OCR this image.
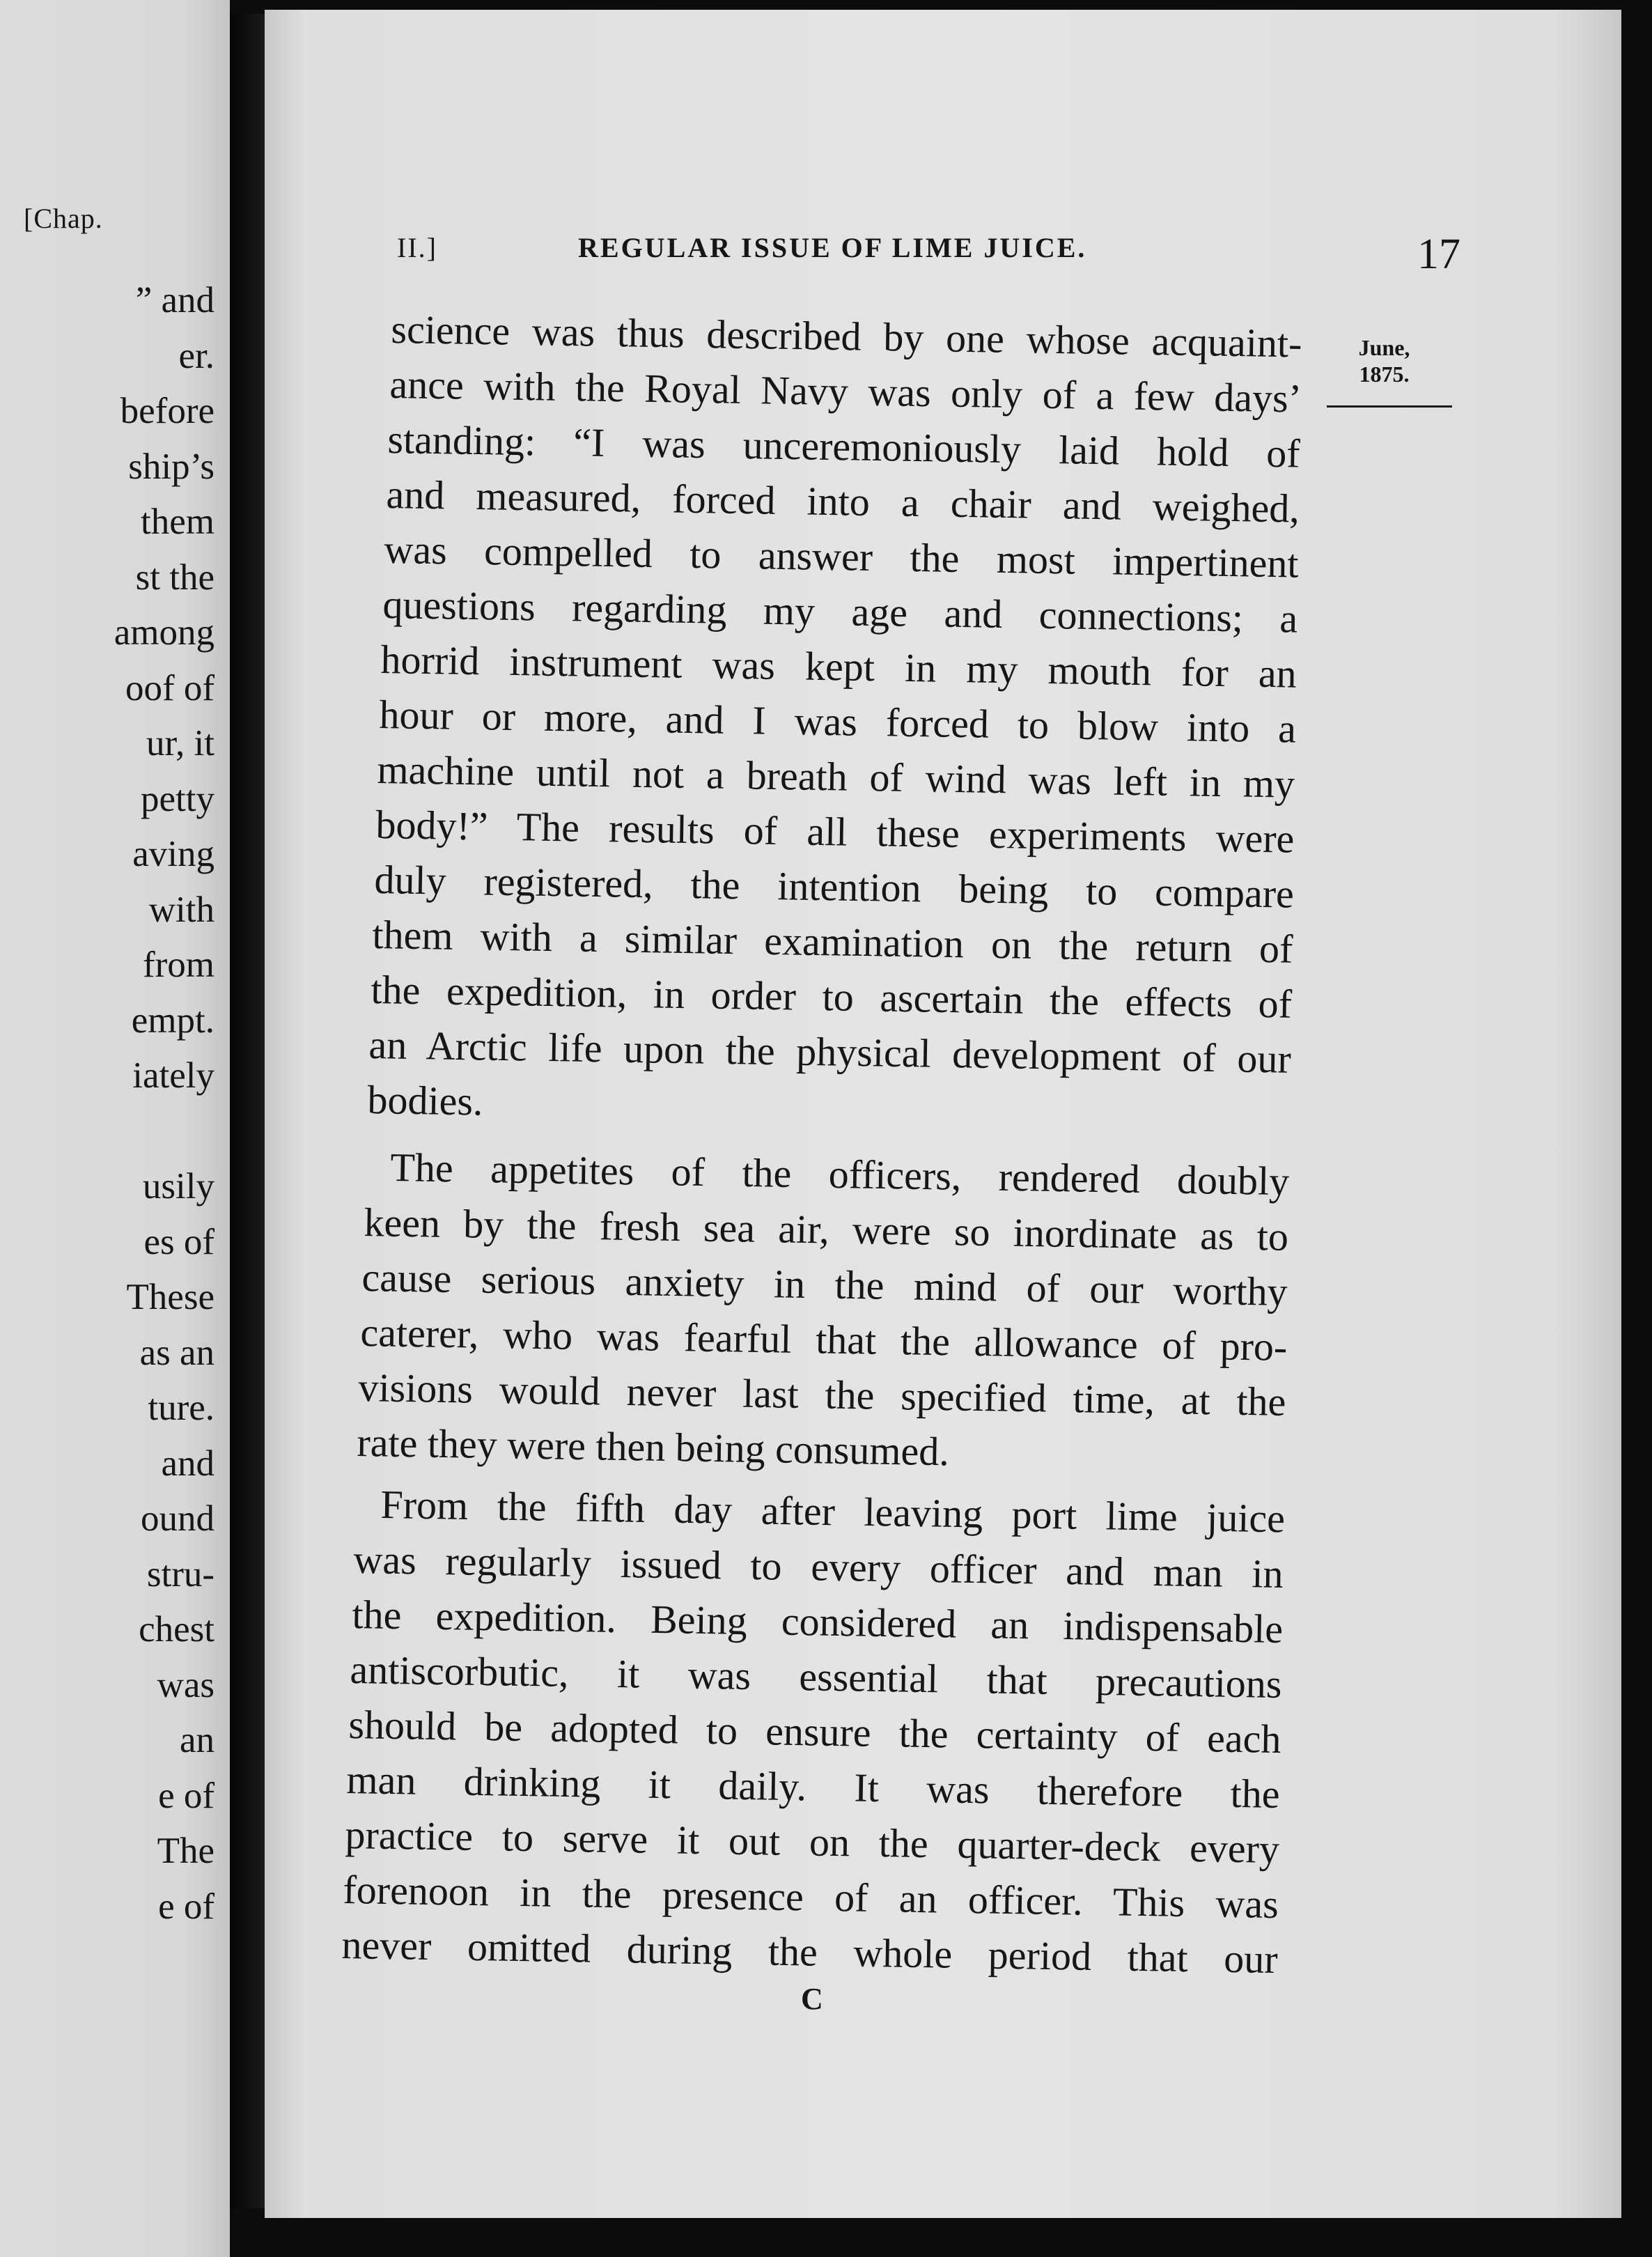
[Chap.
” and
er.
before
ship’s
them
st the
among
oof of
ur, it
petty
aving
with
from
empt.
iately
usily
es of
These
as an
ture.
and
ound
stru-
chest
was
an
e of
The
e of
II.]	REGULAR ISSUE OF LIME JUICE.	17
June,
1875.
science was thus described by one whose acquaint-
ance with the Royal Navy was only of a few days’
standing: “I was unceremoniously laid hold of
and measured, forced into a chair and weighed,
was compelled to answer the most impertinent
questions regarding my age and connections; a
horrid instrument was kept in my mouth for an
hour or more, and I was forced to blow into a
machine until not a breath of wind was left in my
body!” The results of all these experiments were
duly registered, the intention being to compare
them with a similar examination on the return of
the expedition, in order to ascertain the effects of
an Arctic life upon the physical development of our
bodies.
The appetites of the officers, rendered doubly
keen by the fresh sea air, were so inordinate as to
cause serious anxiety in the mind of our worthy
caterer, who was fearful that the allowance of pro-
visions would never last the specified time, at the
rate they were then being consumed.
From the fifth day after leaving port lime juice
was regularly issued to every officer and man in
the expedition. Being considered an indispensable
antiscorbutic, it was essential that precautions
should be adopted to ensure the certainty of each
man drinking it daily. It was therefore the
practice to serve it out on the quarter-deck every
forenoon in the presence of an officer. This was
never omitted during the whole period that our
C
